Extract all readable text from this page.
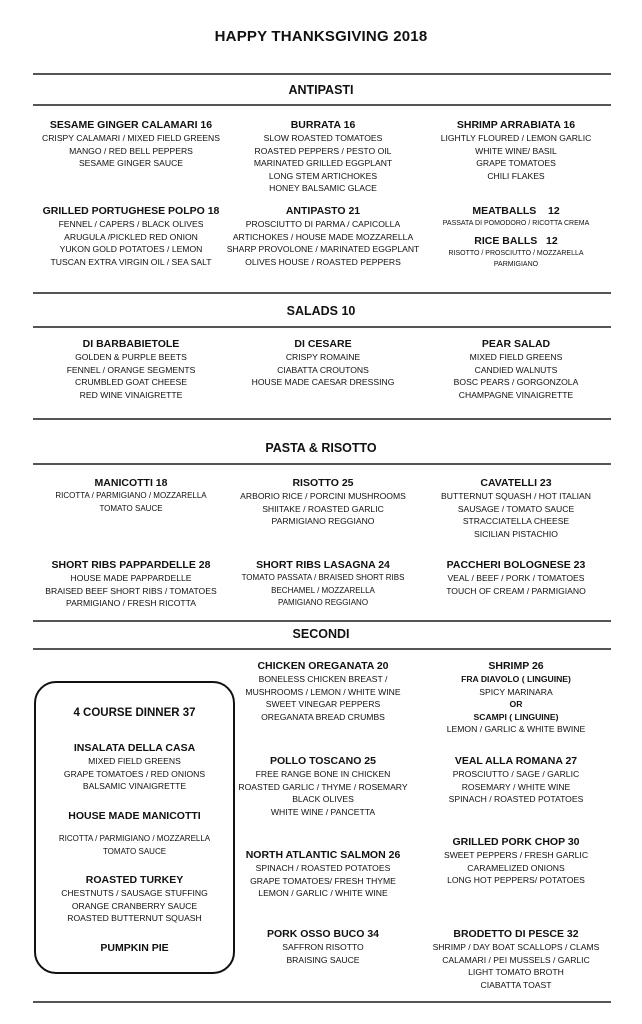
HAPPY THANKSGIVING 2018
ANTIPASTI
SESAME GINGER CALAMARI 16
CRISPY CALAMARI / MIXED FIELD GREENS
MANGO / RED BELL PEPPERS
SESAME GINGER SAUCE
BURRATA 16
SLOW ROASTED TOMATOES
ROASTED PEPPERS / PESTO OIL
MARINATED GRILLED EGGPLANT
LONG STEM ARTICHOKES
HONEY BALSAMIC GLACE
SHRIMP ARRABIATA 16
LIGHTLY FLOURED / LEMON GARLIC
WHITE WINE/ BASIL
GRAPE TOMATOES
CHILI FLAKES
GRILLED PORTUGHESE POLPO 18
FENNEL / CAPERS / BLACK OLIVES
ARUGULA /PICKLED RED ONION
YUKON GOLD POTATOES / LEMON
TUSCAN EXTRA VIRGIN OIL / SEA SALT
ANTIPASTO 21
PROSCIUTTO DI PARMA / CAPICOLLA
ARTICHOKES / HOUSE MADE MOZZARELLA
SHARP PROVOLONE / MARINATED EGGPLANT
OLIVES HOUSE / ROASTED PEPPERS
MEATBALLS    12
PASSATA DI POMODORO / RICOTTA CREMA
RICE BALLS   12
RISOTTO / PROSCIUTTO / MOZZARELLA
PARMIGIANO
SALADS 10
DI BARBABIETOLE
GOLDEN & PURPLE BEETS
FENNEL / ORANGE SEGMENTS
CRUMBLED GOAT CHEESE
RED WINE VINAIGRETTE
DI CESARE
CRISPY ROMAINE
CIABATTA CROUTONS
HOUSE MADE CAESAR DRESSING
PEAR SALAD
MIXED FIELD GREENS
CANDIED WALNUTS
BOSC PEARS / GORGONZOLA
CHAMPAGNE VINAIGRETTE
PASTA & RISOTTO
MANICOTTI 18
RICOTTA / PARMIGIANO / MOZZARELLA
TOMATO SAUCE
RISOTTO 25
ARBORIO RICE / PORCINI MUSHROOMS
SHIITAKE / ROASTED GARLIC
PARMIGIANO REGGIANO
CAVATELLI 23
BUTTERNUT SQUASH / HOT ITALIAN
SAUSAGE / TOMATO SAUCE
STRACCIATELLA CHEESE
SICILIAN PISTACHIO
SHORT RIBS PAPPARDELLE 28
HOUSE MADE PAPPARDELLE
BRAISED BEEF SHORT RIBS / TOMATOES
PARMIGIANO / FRESH RICOTTA
SHORT RIBS LASAGNA 24
TOMATO PASSATA / BRAISED SHORT RIBS
BECHAMEL / MOZZARELLA
PAMIGIANO REGGIANO
PACCHERI BOLOGNESE 23
VEAL / BEEF / PORK / TOMATOES
TOUCH OF CREAM / PARMIGIANO
SECONDI
4 COURSE DINNER 37
INSALATA DELLA CASA
MIXED FIELD GREENS
GRAPE TOMATOES / RED ONIONS
BALSAMIC VINAIGRETTE
HOUSE MADE MANICOTTI
RICOTTA / PARMIGIANO / MOZZARELLA
TOMATO SAUCE
ROASTED TURKEY
CHESTNUTS / SAUSAGE STUFFING
ORANGE CRANBERRY SAUCE
ROASTED BUTTERNUT SQUASH
PUMPKIN PIE
CHICKEN OREGANATA 20
BONELESS CHICKEN BREAST /
MUSHROOMS / LEMON / WHITE WINE
SWEET VINEGAR PEPPERS
OREGANATA BREAD CRUMBS
POLLO TOSCANO 25
FREE RANGE BONE IN CHICKEN
ROASTED GARLIC / THYME / ROSEMARY
BLACK OLIVES
WHITE WINE / PANCETTA
NORTH ATLANTIC SALMON 26
SPINACH / ROASTED POTATOES
GRAPE TOMATOES/ FRESH THYME
LEMON / GARLIC / WHITE WINE
PORK OSSO BUCO 34
SAFFRON RISOTTO
BRAISING SAUCE
SHRIMP 26
FRA DIAVOLO ( LINGUINE)
SPICY MARINARA
OR
SCAMPI ( LINGUINE)
LEMON / GARLIC & WHITE BWINE
VEAL ALLA ROMANA 27
PROSCIUTTO / SAGE / GARLIC
ROSEMARY / WHITE WINE
SPINACH / ROASTED POTATOES
GRILLED PORK CHOP 30
SWEET PEPPERS / FRESH GARLIC
CARAMELIZED ONIONS
LONG HOT PEPPERS/ POTATOES
BRODETTO DI PESCE 32
SHRIMP / DAY BOAT SCALLOPS / CLAMS
CALAMARI / PEI MUSSELS / GARLIC
LIGHT TOMATO BROTH
CIABATTA TOAST
